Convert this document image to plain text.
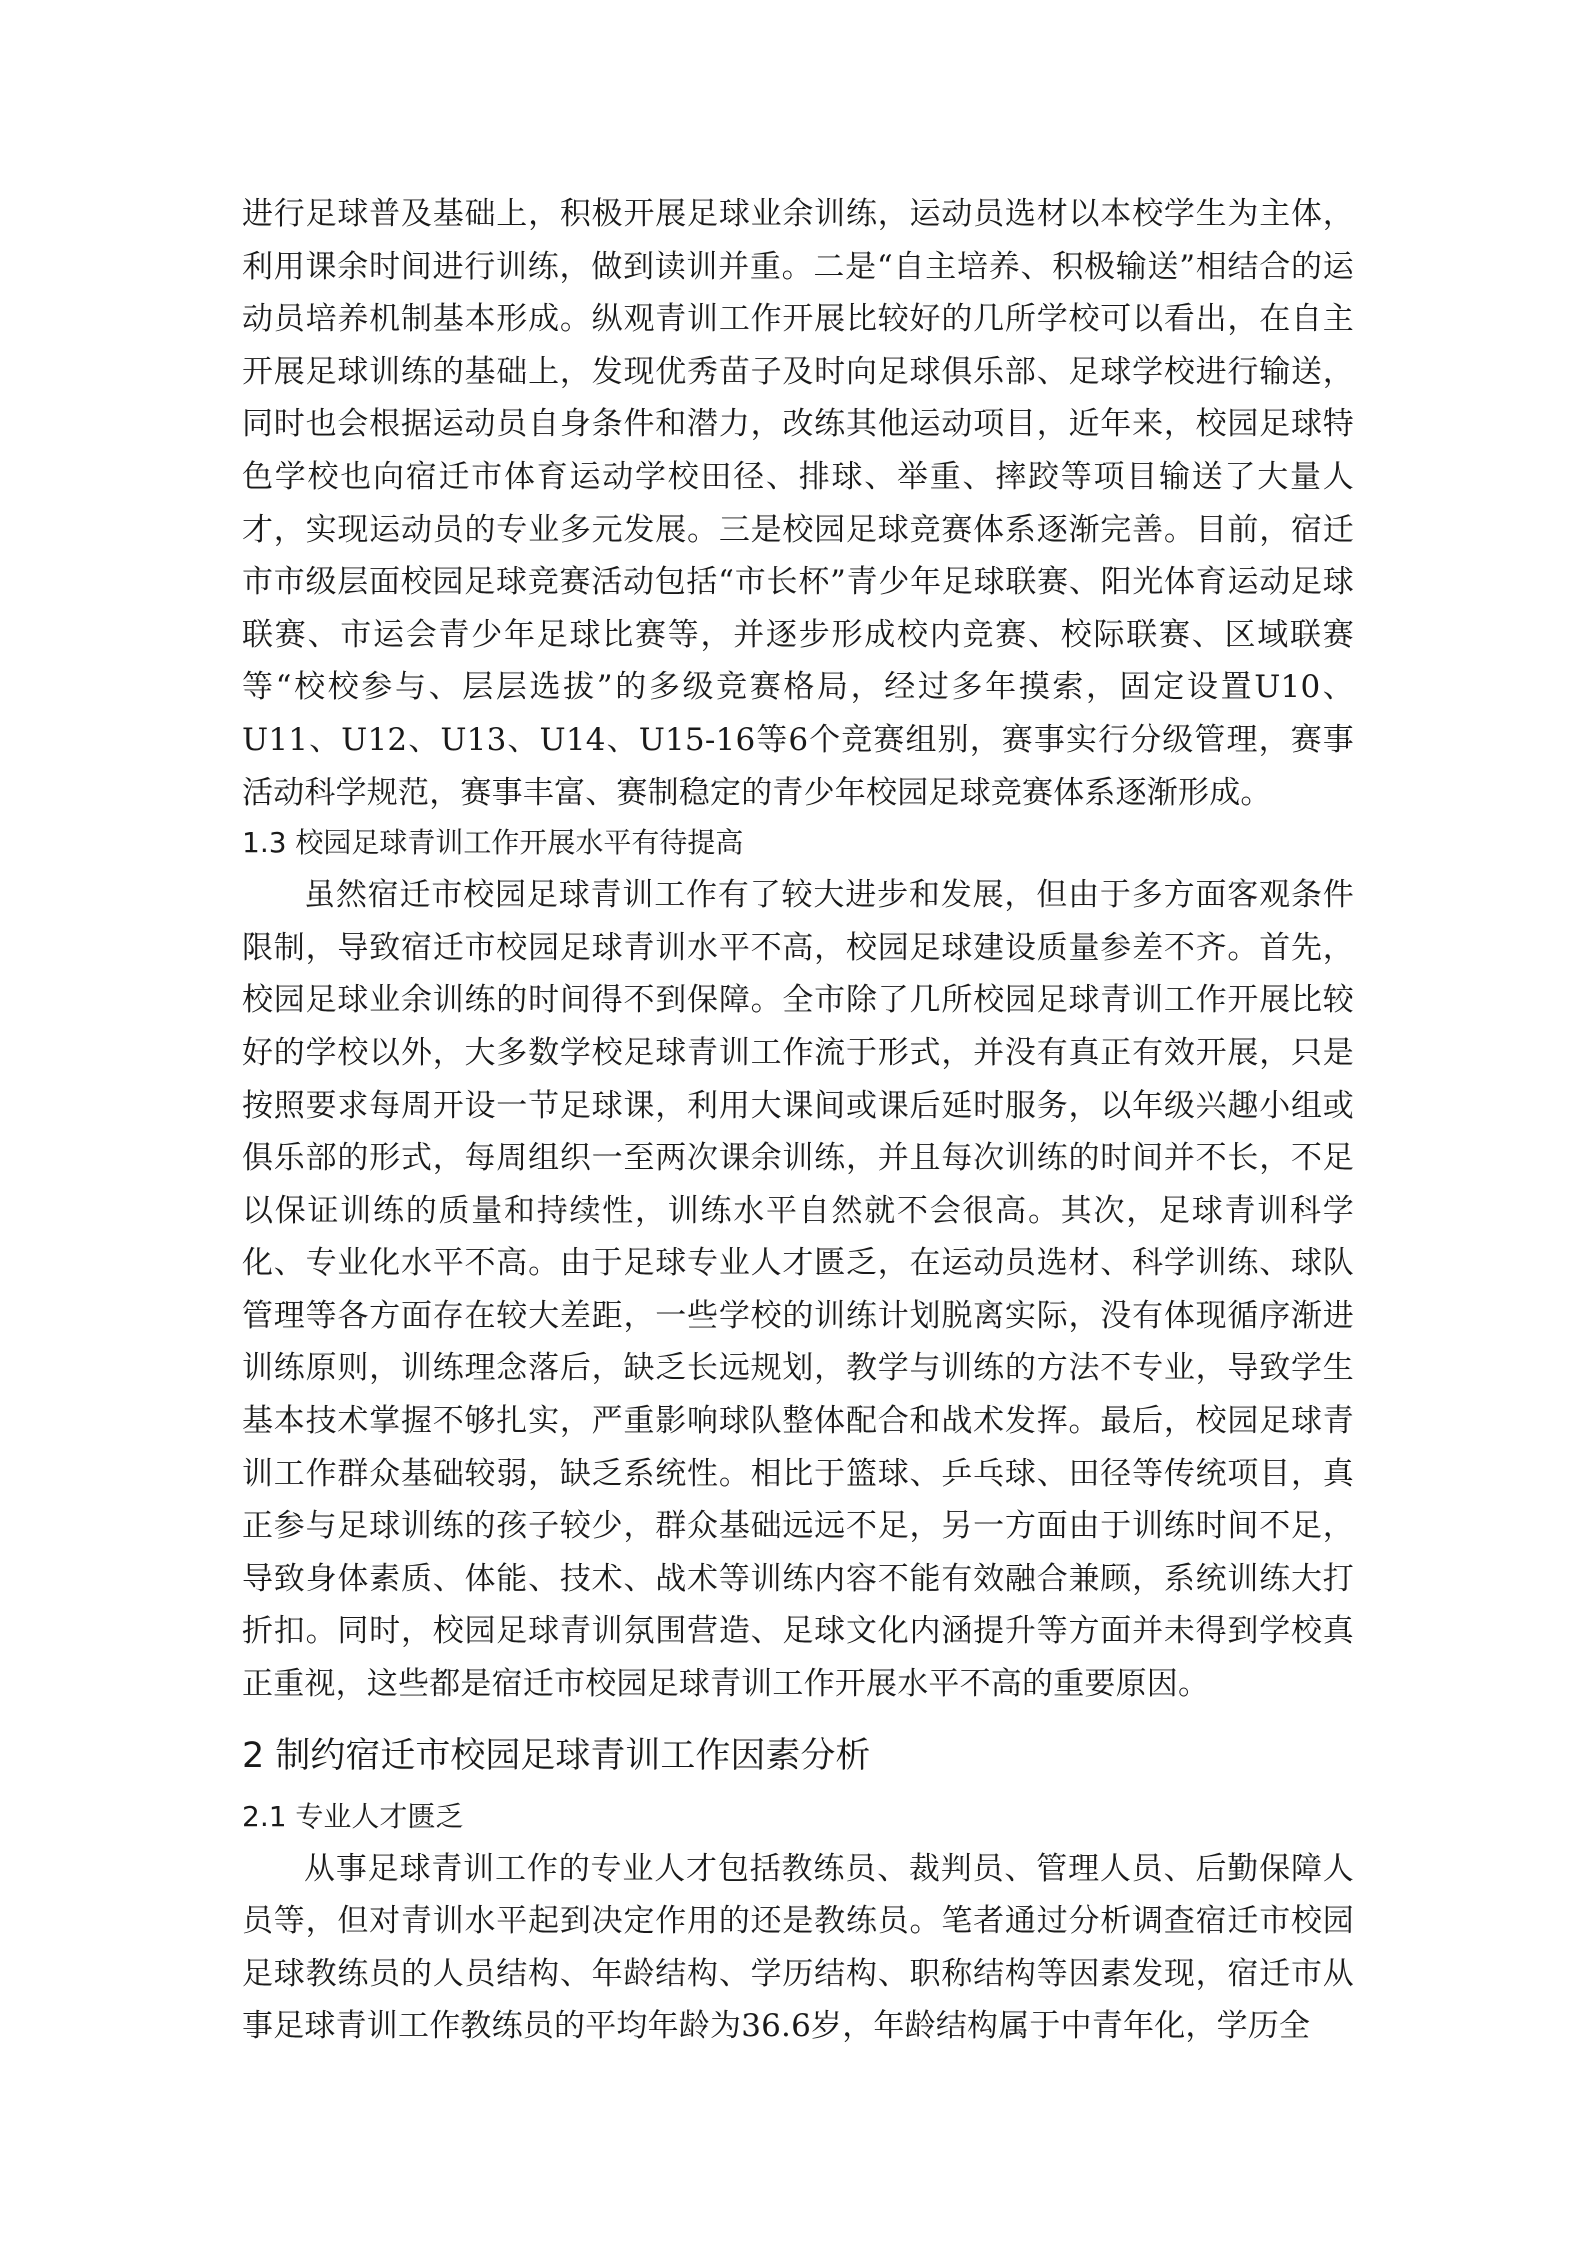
进行足球普及基础上，积极开展足球业余训练，运动员选材以本校学生为主体，利用课余时间进行训练，做到读训并重。二是“自主培养、积极输送”相结合的运动员培养机制基本形成。纵观青训工作开展比较好的几所学校可以看出，在自主开展足球训练的基础上，发现优秀苗子及时向足球俱乐部、足球学校进行输送，同时也会根据运动员自身条件和潜力，改练其他运动项目，近年来，校园足球特色学校也向宿迁市体育运动学校田径、排球、举重、摔跤等项目输送了大量人才，实现运动员的专业多元发展。三是校园足球竞赛体系逐渐完善。目前，宿迁市市级层面校园足球竞赛活动包括“市长杯”青少年足球联赛、阳光体育运动足球联赛、市运会青少年足球比赛等，并逐步形成校内竞赛、校际联赛、区域联赛等“校校参与、层层选拔”的多级竞赛格局，经过多年摸索，固定设置U10、U11、U12、U13、U14、U15-16等6个竞赛组别，赛事实行分级管理，赛事活动科学规范，赛事丰富、赛制稳定的青少年校园足球竞赛体系逐渐形成。

1.3 校园足球青训工作开展水平有待提高

虽然宿迁市校园足球青训工作有了较大进步和发展，但由于多方面客观条件限制，导致宿迁市校园足球青训水平不高，校园足球建设质量参差不齐。首先，校园足球业余训练的时间得不到保障。全市除了几所校园足球青训工作开展比较好的学校以外，大多数学校足球青训工作流于形式，并没有真正有效开展，只是按照要求每周开设一节足球课，利用大课间或课后延时服务，以年级兴趣小组或俱乐部的形式，每周组织一至两次课余训练，并且每次训练的时间并不长，不足以保证训练的质量和持续性，训练水平自然就不会很高。其次，足球青训科学化、专业化水平不高。由于足球专业人才匮乏，在运动员选材、科学训练、球队管理等各方面存在较大差距，一些学校的训练计划脱离实际，没有体现循序渐进训练原则，训练理念落后，缺乏长远规划，教学与训练的方法不专业，导致学生基本技术掌握不够扎实，严重影响球队整体配合和战术发挥。最后，校园足球青训工作群众基础较弱，缺乏系统性。相比于篮球、乒乓球、田径等传统项目，真正参与足球训练的孩子较少，群众基础远远不足，另一方面由于训练时间不足，导致身体素质、体能、技术、战术等训练内容不能有效融合兼顾，系统训练大打折扣。同时，校园足球青训氛围营造、足球文化内涵提升等方面并未得到学校真正重视，这些都是宿迁市校园足球青训工作开展水平不高的重要原因。

2 制约宿迁市校园足球青训工作因素分析
2.1 专业人才匮乏

从事足球青训工作的专业人才包括教练员、裁判员、管理人员、后勤保障人员等，但对青训水平起到决定作用的还是教练员。笔者通过分析调查宿迁市校园足球教练员的人员结构、年龄结构、学历结构、职称结构等因素发现，宿迁市从事足球青训工作教练员的平均年龄为36.6岁，年龄结构属于中青年化，学历全
